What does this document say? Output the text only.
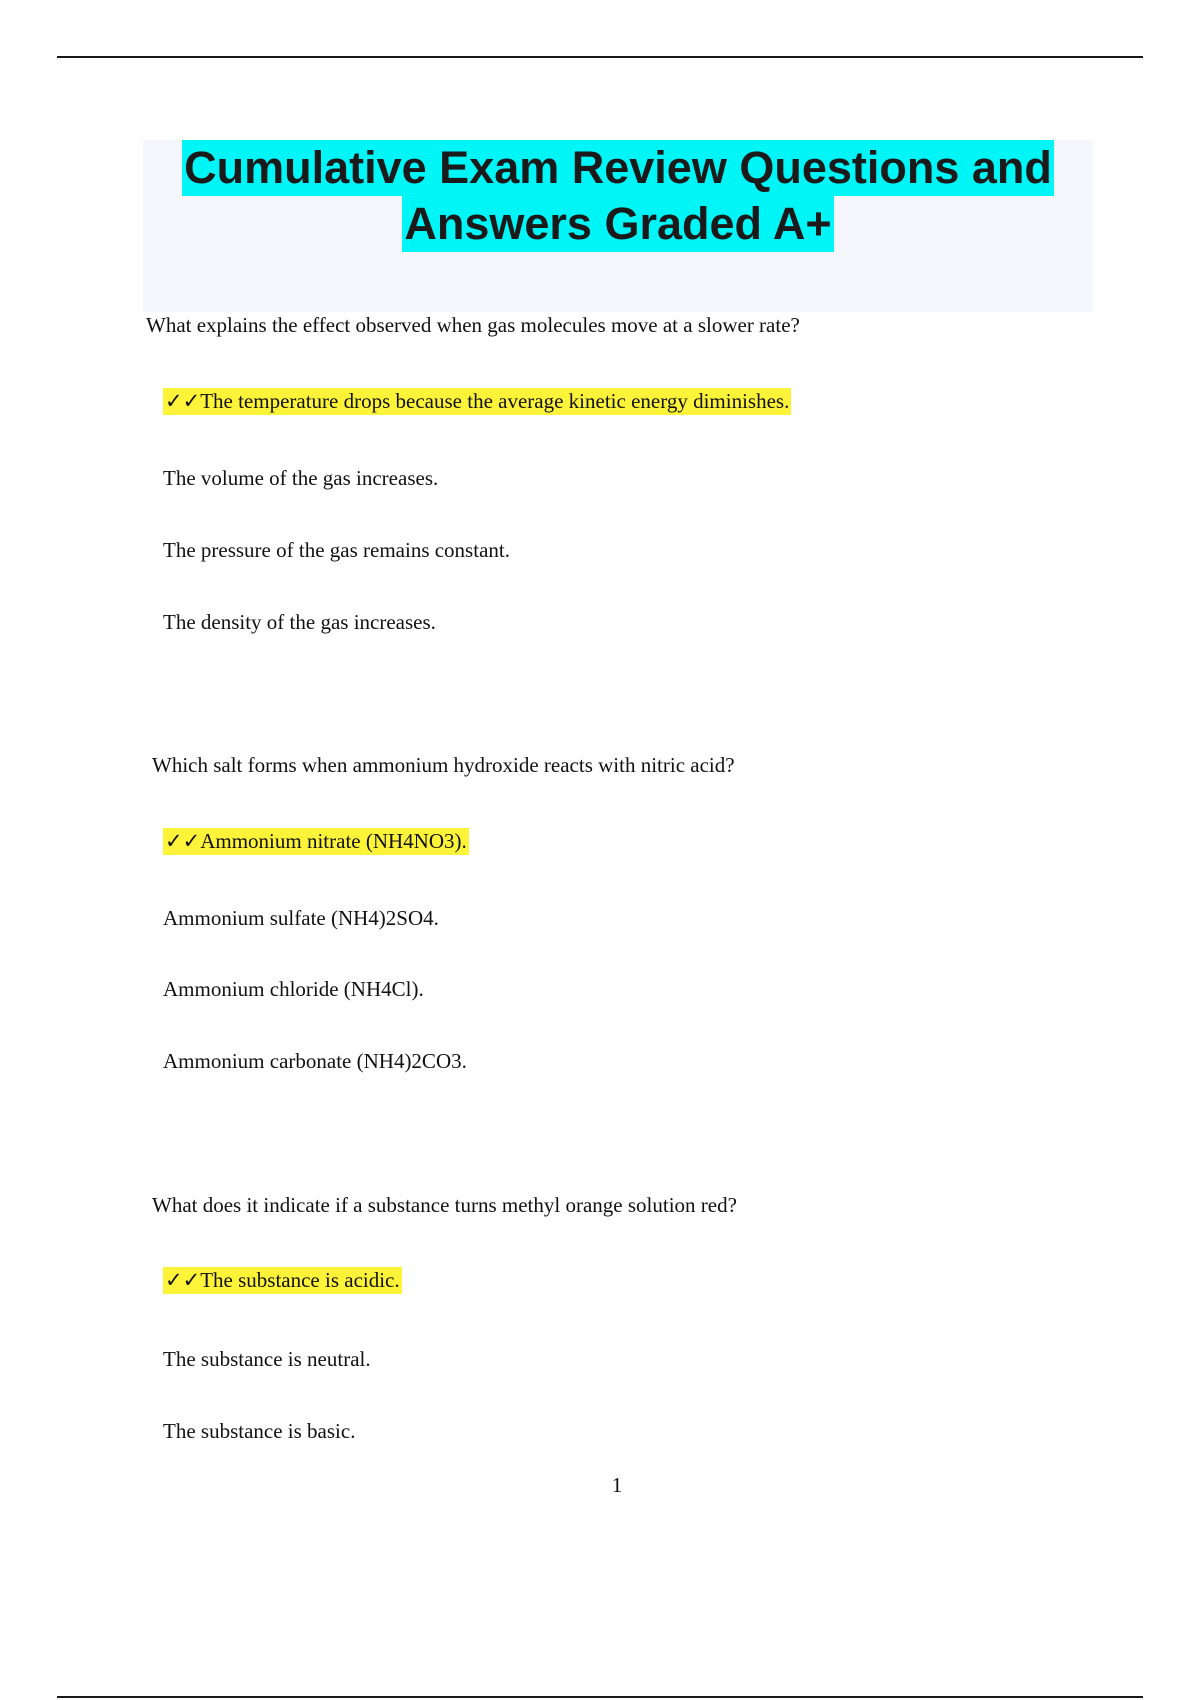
Cumulative Exam Review Questions and
Answers Graded A+
What explains the effect observed when gas molecules move at a slower rate?
✓✓The temperature drops because the average kinetic energy diminishes.
The volume of the gas increases.
The pressure of the gas remains constant.
The density of the gas increases.
Which salt forms when ammonium hydroxide reacts with nitric acid?
✓✓Ammonium nitrate (NH4NO3).
Ammonium sulfate (NH4)2SO4.
Ammonium chloride (NH4Cl).
Ammonium carbonate (NH4)2CO3.
What does it indicate if a substance turns methyl orange solution red?
✓✓The substance is acidic.
The substance is neutral.
The substance is basic.
1
